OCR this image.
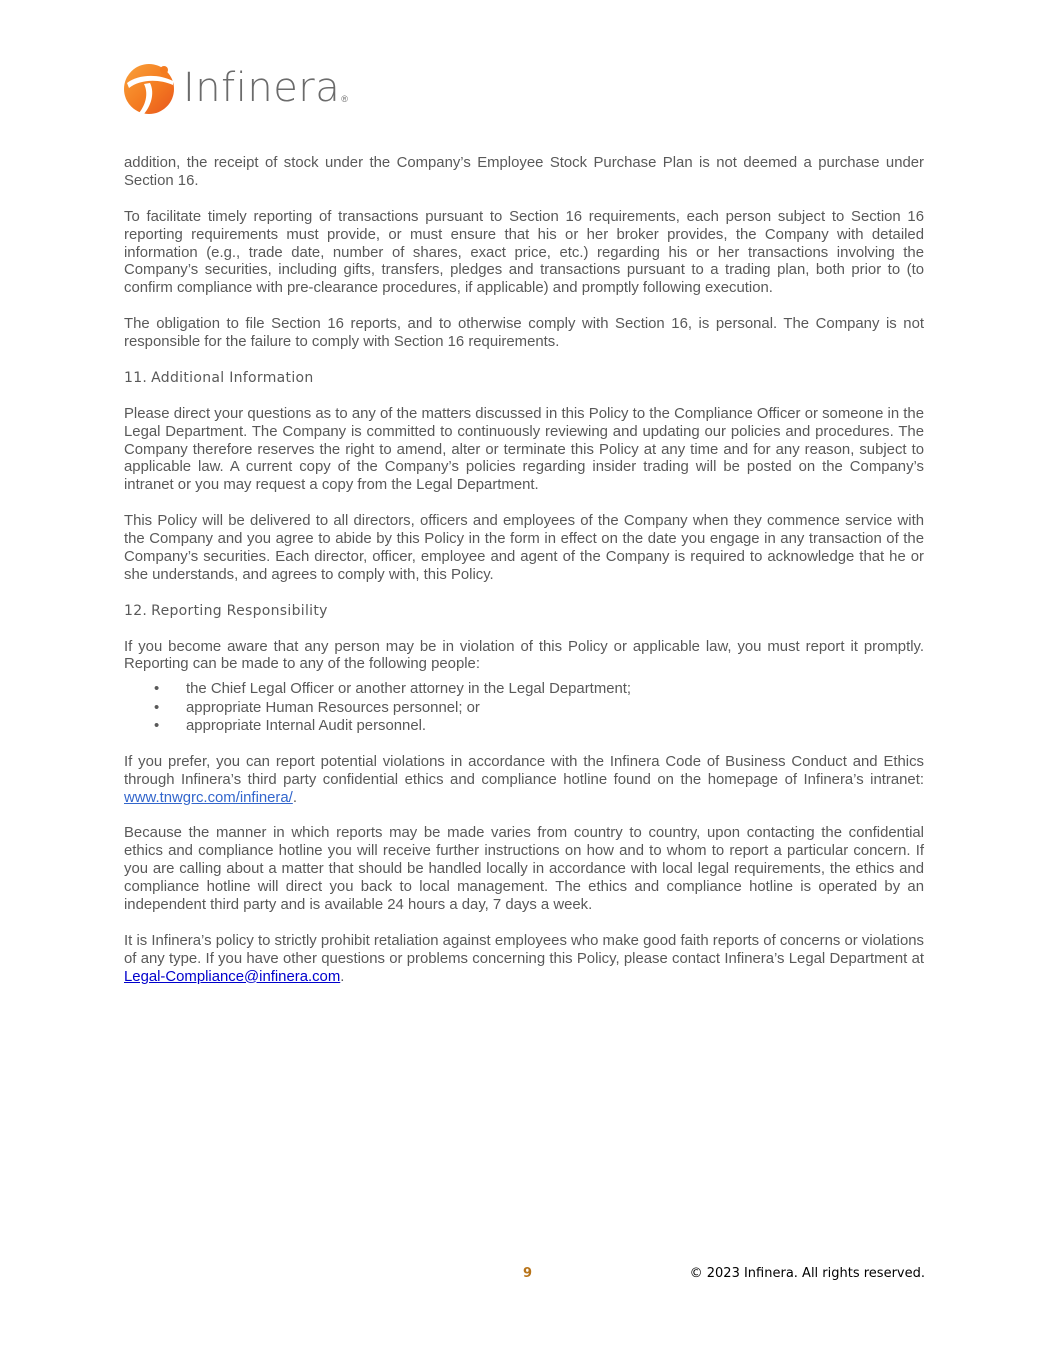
Infinera ®

addition, the receipt of stock under the Company’s Employee Stock Purchase Plan is not deemed a purchase under Section 16.

To facilitate timely reporting of transactions pursuant to Section 16 requirements, each person subject to Section 16 reporting requirements must provide, or must ensure that his or her broker provides, the Company with detailed information (e.g., trade date, number of shares, exact price, etc.) regarding his or her transactions involving the Company’s securities, including gifts, transfers, pledges and transactions pursuant to a trading plan, both prior to (to confirm compliance with pre-clearance procedures, if applicable) and promptly following execution.

The obligation to file Section 16 reports, and to otherwise comply with Section 16, is personal. The Company is not responsible for the failure to comply with Section 16 requirements.

11. Additional Information

Please direct your questions as to any of the matters discussed in this Policy to the Compliance Officer or someone in the Legal Department. The Company is committed to continuously reviewing and updating our policies and procedures. The Company therefore reserves the right to amend, alter or terminate this Policy at any time and for any reason, subject to applicable law. A current copy of the Company’s policies regarding insider trading will be posted on the Company’s intranet or you may request a copy from the Legal Department.

This Policy will be delivered to all directors, officers and employees of the Company when they commence service with the Company and you agree to abide by this Policy in the form in effect on the date you engage in any transaction of the Company’s securities. Each director, officer, employee and agent of the Company is required to acknowledge that he or she understands, and agrees to comply with, this Policy.

12. Reporting Responsibility

If you become aware that any person may be in violation of this Policy or applicable law, you must report it promptly. Reporting can be made to any of the following people:

• the Chief Legal Officer or another attorney in the Legal Department;
• appropriate Human Resources personnel; or
• appropriate Internal Audit personnel.

If you prefer, you can report potential violations in accordance with the Infinera Code of Business Conduct and Ethics through Infinera’s third party confidential ethics and compliance hotline found on the homepage of Infinera’s intranet: www.tnwgrc.com/infinera/.

Because the manner in which reports may be made varies from country to country, upon contacting the confidential ethics and compliance hotline you will receive further instructions on how and to whom to report a particular concern. If you are calling about a matter that should be handled locally in accordance with local legal requirements, the ethics and compliance hotline will direct you back to local management. The ethics and compliance hotline is operated by an independent third party and is available 24 hours a day, 7 days a week.

It is Infinera’s policy to strictly prohibit retaliation against employees who make good faith reports of concerns or violations of any type. If you have other questions or problems concerning this Policy, please contact Infinera’s Legal Department at Legal-Compliance@infinera.com.

9	© 2023 Infinera. All rights reserved.
